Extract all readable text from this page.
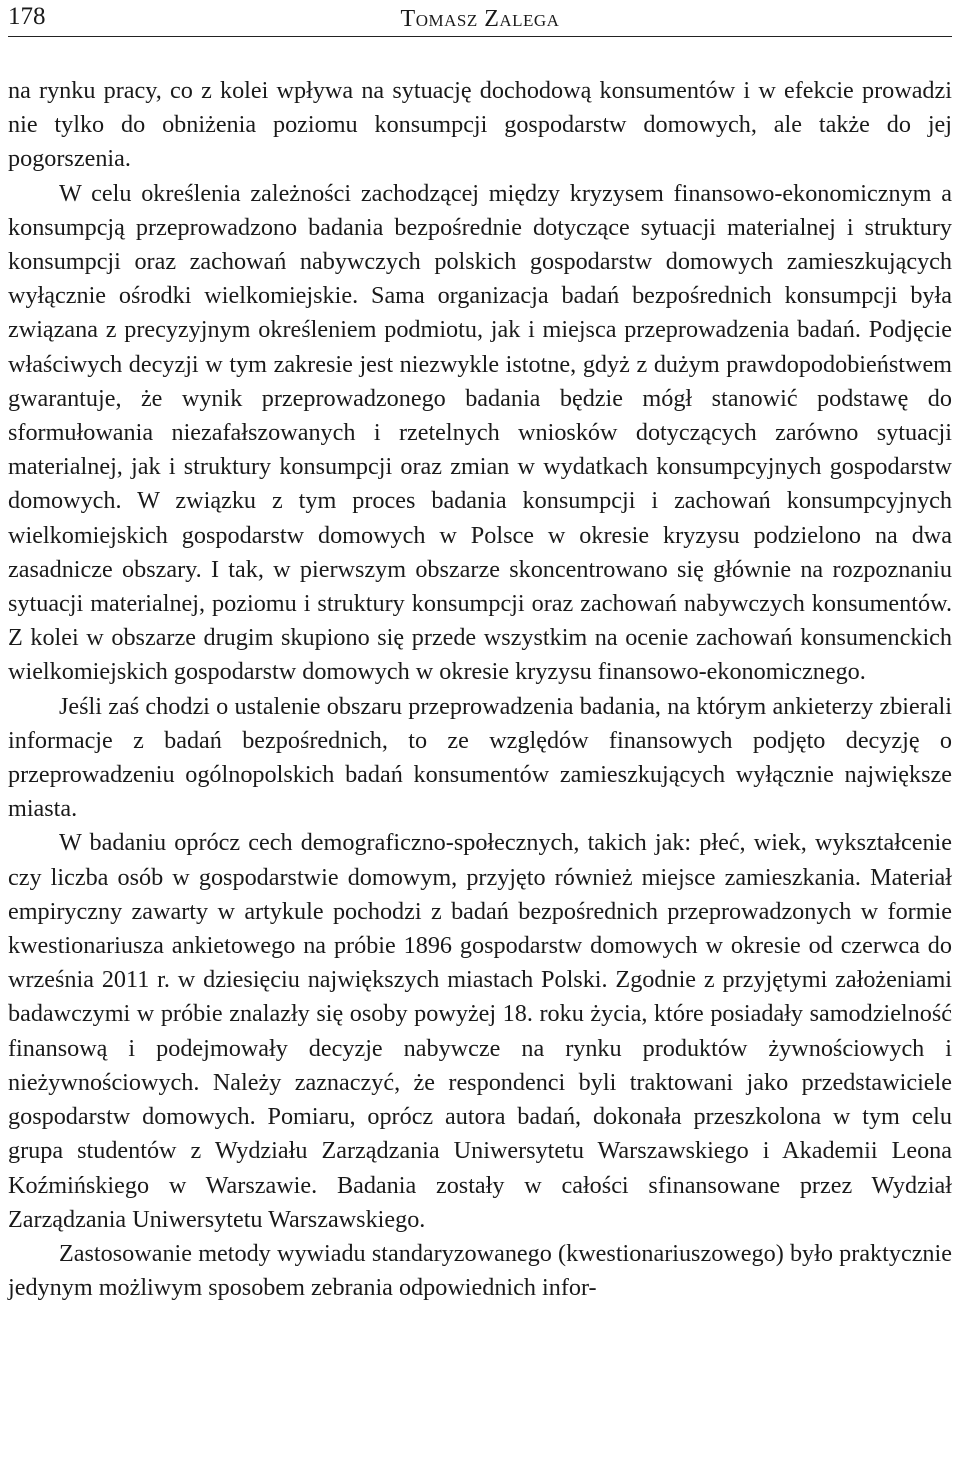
178	Tomasz Zalega

na rynku pracy, co z kolei wpływa na sytuację dochodową konsumentów i w efekcie prowadzi nie tylko do obniżenia poziomu konsumpcji gospodarstw domowych, ale także do jej pogorszenia.

W celu określenia zależności zachodzącej między kryzysem finansowo-ekonomicznym a konsumpcją przeprowadzono badania bezpośrednie dotyczące sytuacji materialnej i struktury konsumpcji oraz zachowań nabywczych polskich gospodarstw domowych zamieszkujących wyłącznie ośrodki wielkomiejskie. Sama organizacja badań bezpośrednich konsumpcji była związana z precyzyjnym określeniem podmiotu, jak i miejsca przeprowadzenia badań. Podjęcie właściwych decyzji w tym zakresie jest niezwykle istotne, gdyż z dużym prawdopodobieństwem gwarantuje, że wynik przeprowadzonego badania będzie mógł stanowić podstawę do sformułowania niezafałszowanych i rzetelnych wniosków dotyczących zarówno sytuacji materialnej, jak i struktury konsumpcji oraz zmian w wydatkach konsumpcyjnych gospodarstw domowych. W związku z tym proces badania konsumpcji i zachowań konsumpcyjnych wielkomiejskich gospodarstw domowych w Polsce w okresie kryzysu podzielono na dwa zasadnicze obszary. I tak, w pierwszym obszarze skoncentrowano się głównie na rozpoznaniu sytuacji materialnej, poziomu i struktury konsumpcji oraz zachowań nabywczych konsumentów. Z kolei w obszarze drugim skupiono się przede wszystkim na ocenie zachowań konsumenckich wielkomiejskich gospodarstw domowych w okresie kryzysu finansowo-ekonomicznego.

Jeśli zaś chodzi o ustalenie obszaru przeprowadzenia badania, na którym ankieterzy zbierali informacje z badań bezpośrednich, to ze względów finansowych podjęto decyzję o przeprowadzeniu ogólnopolskich badań konsumentów zamieszkujących wyłącznie największe miasta.

W badaniu oprócz cech demograficzno-społecznych, takich jak: płeć, wiek, wykształcenie czy liczba osób w gospodarstwie domowym, przyjęto również miejsce zamieszkania. Materiał empiryczny zawarty w artykule pochodzi z badań bezpośrednich przeprowadzonych w formie kwestionariusza ankietowego na próbie 1896 gospodarstw domowych w okresie od czerwca do września 2011 r. w dziesięciu największych miastach Polski. Zgodnie z przyjętymi założeniami badawczymi w próbie znalazły się osoby powyżej 18. roku życia, które posiadały samodzielność finansową i podejmowały decyzje nabywcze na rynku produktów żywnościowych i nieżywnościowych. Należy zaznaczyć, że respondenci byli traktowani jako przedstawiciele gospodarstw domowych. Pomiaru, oprócz autora badań, dokonała przeszkolona w tym celu grupa studentów z Wydziału Zarządzania Uniwersytetu Warszawskiego i Akademii Leona Koźmińskiego w Warszawie. Badania zostały w całości sfinansowane przez Wydział Zarządzania Uniwersytetu Warszawskiego.

Zastosowanie metody wywiadu standaryzowanego (kwestionariuszowego) było praktycznie jedynym możliwym sposobem zebrania odpowiednich infor-
